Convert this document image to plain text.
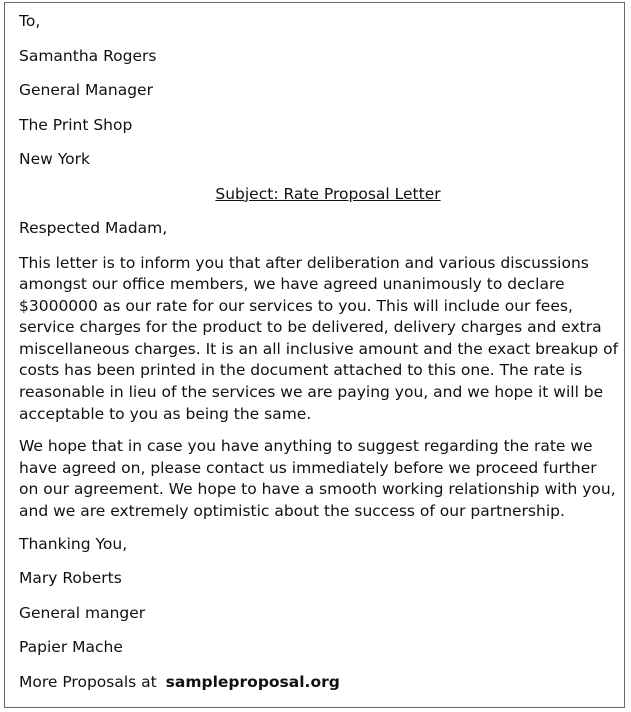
To,
Samantha Rogers
General Manager
The Print Shop
New York
Subject: Rate Proposal Letter
Respected Madam,

This letter is to inform you that after deliberation and various discussions amongst our office members, we have agreed unanimously to declare $3000000 as our rate for our services to you. This will include our fees, service charges for the product to be delivered, delivery charges and extra miscellaneous charges. It is an all inclusive amount and the exact breakup of costs has been printed in the document attached to this one. The rate is reasonable in lieu of the services we are paying you, and we hope it will be acceptable to you as being the same.

We hope that in case you have anything to suggest regarding the rate we have agreed on, please contact us immediately before we proceed further on our agreement. We hope to have a smooth working relationship with you, and we are extremely optimistic about the success of our partnership.

Thanking You,
Mary Roberts
General manger
Papier Mache
More Proposals at sampleproposal.org
